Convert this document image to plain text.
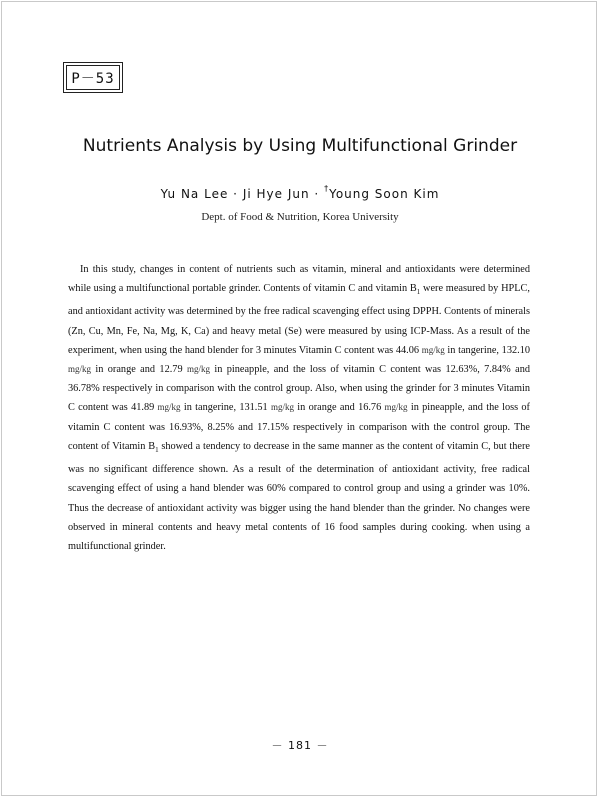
P－53
Nutrients Analysis by Using Multifunctional Grinder
Yu Na Lee · Ji Hye Jun · †Young Soon Kim
Dept. of Food & Nutrition, Korea University

In this study, changes in content of nutrients such as vitamin, mineral and antioxidants were determined while using a multifunctional portable grinder. Contents of vitamin C and vitamin $B_1$ were measured by HPLC, and antioxidant activity was determined by the free radical scavenging effect using DPPH. Contents of minerals (Zn, Cu, Mn, Fe, Na, Mg, K, Ca) and heavy metal (Se) were measured by using ICP-Mass. As a result of the experiment, when using the hand blender for 3 minutes Vitamin C content was 44.06 mg/kg in tangerine, 132.10 mg/kg in orange and 12.79 mg/kg in pineapple, and the loss of vitamin C content was 12.63%, 7.84% and 36.78% respectively in comparison with the control group. Also, when using the grinder for 3 minutes Vitamin C content was 41.89 mg/kg in tangerine, 131.51 mg/kg in orange and 16.76 mg/kg in pineapple, and the loss of vitamin C content was 16.93%, 8.25% and 17.15% respectively in comparison with the control group. The content of Vitamin $B_1$ showed a tendency to decrease in the same manner as the content of vitamin C, but there was no significant difference shown. As a result of the determination of antioxidant activity, free radical scavenging effect of using a hand blender was 60% compared to control group and using a grinder was 10%. Thus the decrease of antioxidant activity was bigger using the hand blender than the grinder. No changes were observed in mineral contents and heavy metal contents of 16 food samples during cooking. when using a multifunctional grinder.

－ 181 －
